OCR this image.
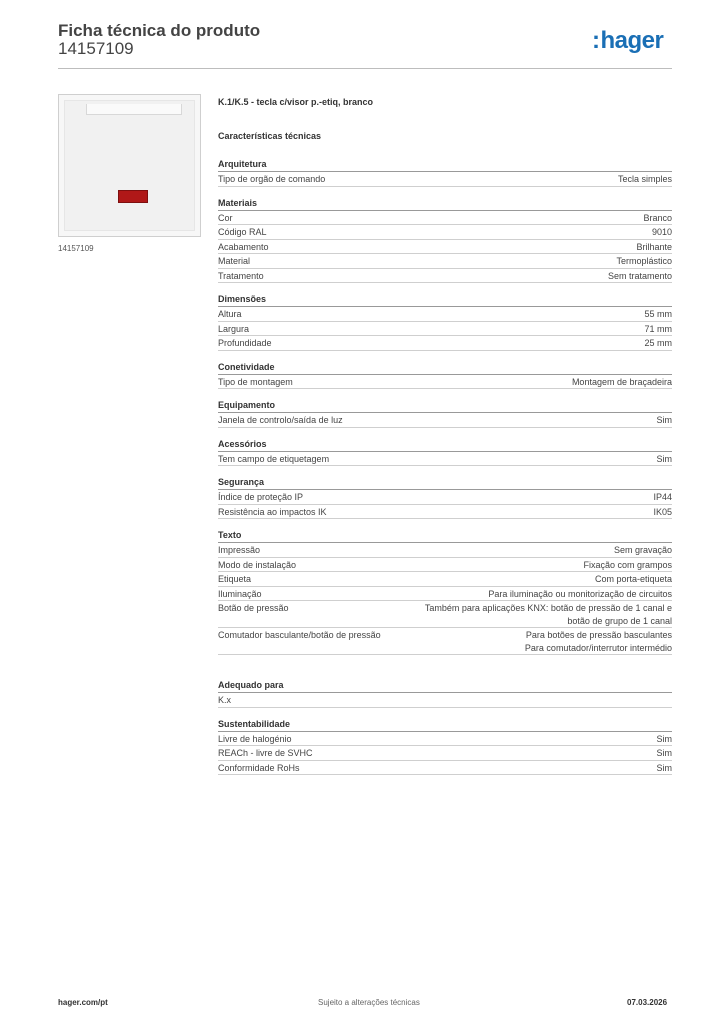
Ficha técnica do produto
14157109	:hager
14157109
K.1/K.5 - tecla c/visor p.-etiq, branco
Características técnicas
Arquitetura
Tipo de orgão de comando	Tecla simples
Materiais
Cor	Branco
Código RAL	9010
Acabamento	Brilhante
Material	Termoplástico
Tratamento	Sem tratamento
Dimensões
Altura	55 mm
Largura	71 mm
Profundidade	25 mm
Conetividade
Tipo de montagem	Montagem de braçadeira
Equipamento
Janela de controlo/saída de luz	Sim
Acessórios
Tem campo de etiquetagem	Sim
Segurança
Índice de proteção IP	IP44
Resistência ao impactos IK	IK05
Texto
Impressão	Sem gravação
Modo de instalação	Fixação com grampos
Etiqueta	Com porta-etiqueta
Iluminação	Para iluminação ou monitorização de circuitos
Botão de pressão	Também para aplicações KNX: botão de pressão de 1 canal e
botão de grupo de 1 canal
Comutador basculante/botão de pressão	Para botões de pressão basculantes
Para comutador/interrutor intermédio
Adequado para
K.x
Sustentabilidade
Livre de halogénio	Sim
REACh - livre de SVHC	Sim
Conformidade RoHs	Sim
hager.com/pt	Sujeito a alterações técnicas	07.03.2026
